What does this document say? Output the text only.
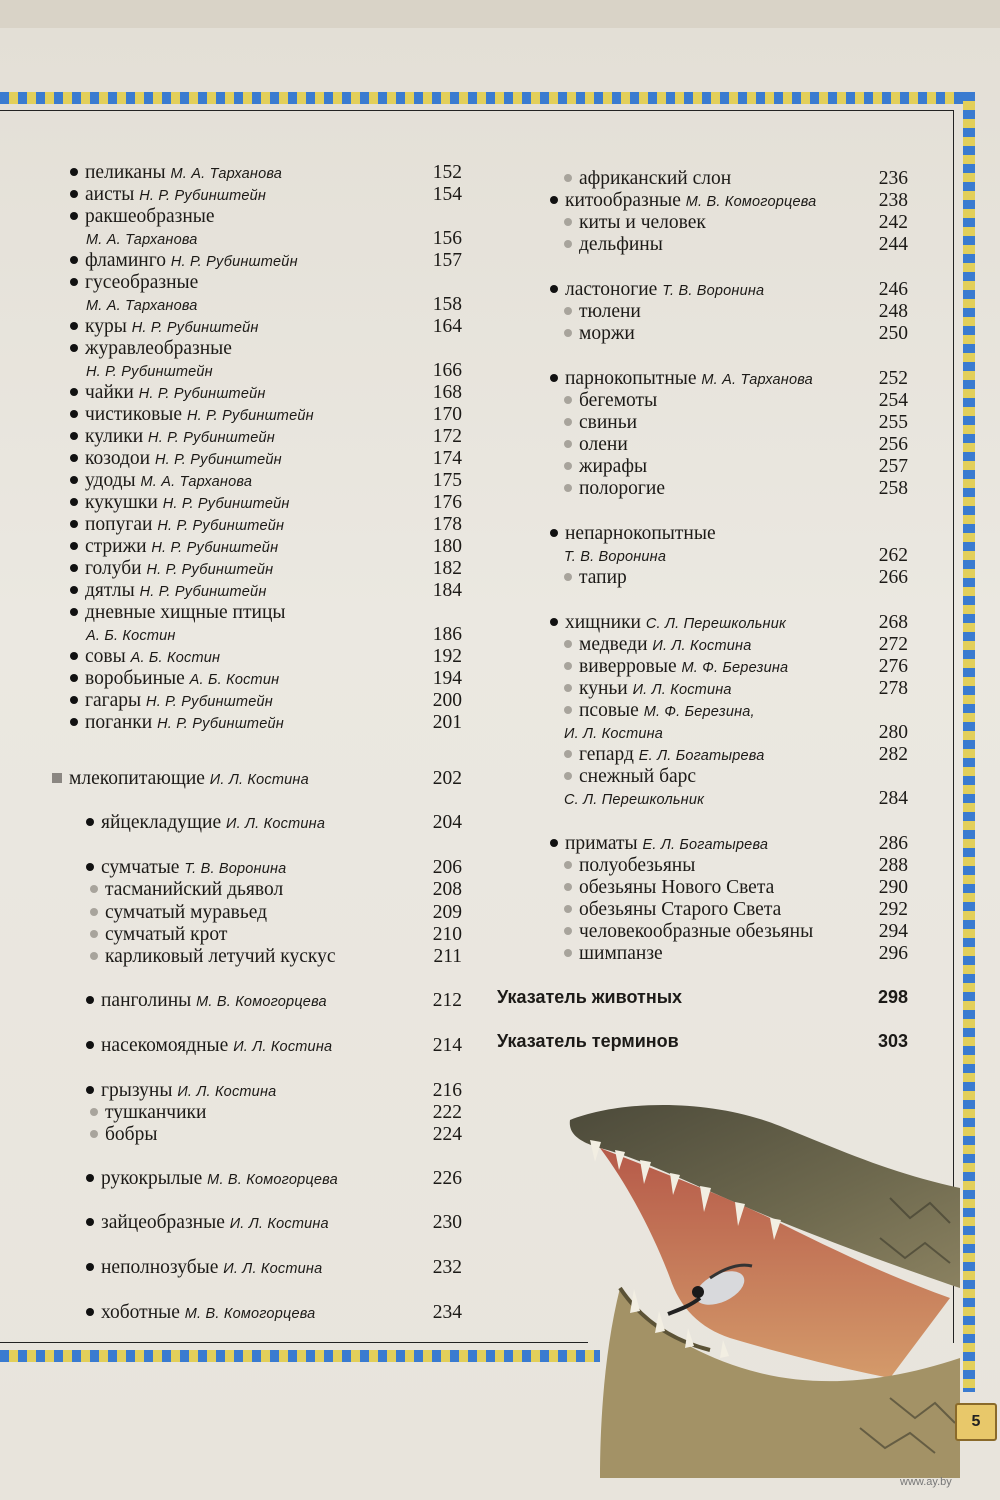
пеликаны М. А. Тарханова	152
аисты Н. Р. Рубинштейн	154
ракшеобразные
М. А. Тарханова	156
фламинго Н. Р. Рубинштейн	157
гусеобразные
М. А. Тарханова	158
куры Н. Р. Рубинштейн	164
журавлеобразные
Н. Р. Рубинштейн	166
чайки Н. Р. Рубинштейн	168
чистиковые Н. Р. Рубинштейн	170
кулики Н. Р. Рубинштейн	172
козодои Н. Р. Рубинштейн	174
удоды М. А. Тарханова	175
кукушки Н. Р. Рубинштейн	176
попугаи Н. Р. Рубинштейн	178
стрижи Н. Р. Рубинштейн	180
голуби Н. Р. Рубинштейн	182
дятлы Н. Р. Рубинштейн	184
дневные хищные птицы
А. Б. Костин	186
совы А. Б. Костин	192
воробьиные А. Б. Костин	194
гагары Н. Р. Рубинштейн	200
поганки Н. Р. Рубинштейн	201
млекопитающие И. Л. Костина	202
яйцекладущие И. Л. Костина	204
сумчатые Т. В. Воронина	206
тасманийский дьявол	208
сумчатый муравьед	209
сумчатый крот	210
карликовый летучий кускус	211
панголины М. В. Комогорцева	212
насекомоядные И. Л. Костина	214
грызуны И. Л. Костина	216
тушканчики	222
бобры	224
рукокрылые М. В. Комогорцева	226
зайцеобразные И. Л. Костина	230
неполнозубые И. Л. Костина	232
хоботные М. В. Комогорцева	234
африканский слон	236
китообразные М. В. Комогорцева	238
киты и человек	242
дельфины	244
ластоногие Т. В. Воронина	246
тюлени	248
моржи	250
парнокопытные М. А. Тарханова	252
бегемоты	254
свиньи	255
олени	256
жирафы	257
полорогие	258
непарнокопытные
Т. В. Воронина	262
тапир	266
хищники С. Л. Перешкольник	268
медведи И. Л. Костина	272
виверровые М. Ф. Березина	276
куньи И. Л. Костина	278
псовые М. Ф. Березина,
И. Л. Костина	280
гепард Е. Л. Богатырева	282
снежный барс
С. Л. Перешкольник	284
приматы Е. Л. Богатырева	286
полуобезьяны	288
обезьяны Нового Света	290
обезьяны Старого Света	292
человекообразные обезьяны	294
шимпанзе	296
Указатель животных	298
Указатель терминов	303
5
www.ay.by
